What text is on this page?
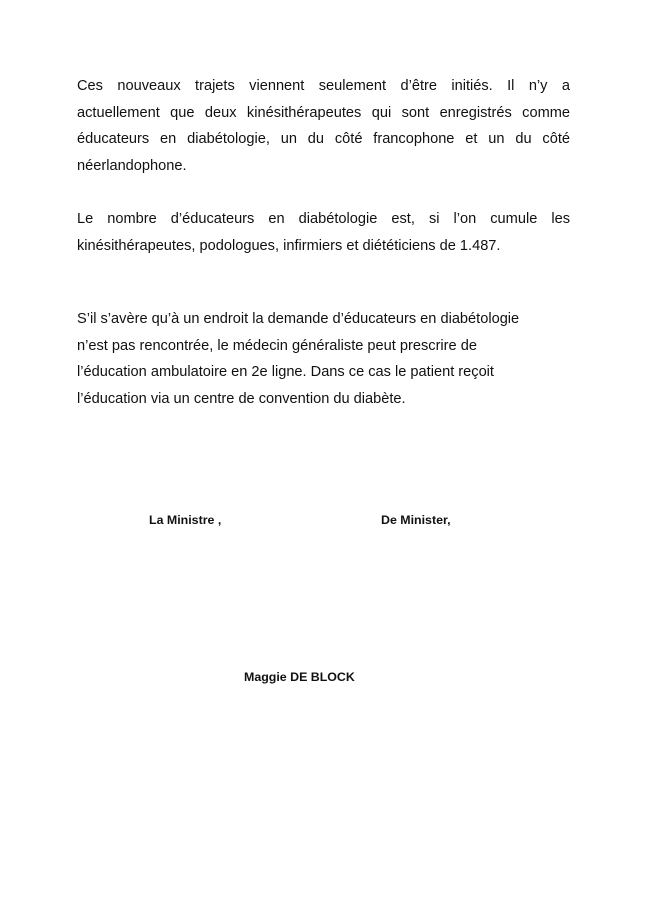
Ces nouveaux trajets viennent seulement d’être initiés. Il n’y a
actuellement que deux kinésithérapeutes qui sont enregistrés comme
éducateurs en diabétologie, un du côté francophone et un du côté
néerlandophone.
Le nombre d’éducateurs en diabétologie est, si l’on cumule les
kinésithérapeutes, podologues, infirmiers et diététiciens de 1.487.
S’il s’avère qu’à un endroit la demande d’éducateurs en diabétologie
n’est pas rencontrée, le médecin généraliste peut prescrire de
l’éducation ambulatoire en 2e ligne. Dans ce cas le patient reçoit
l’éducation via un centre de convention du diabète.
La Ministre ,	De Minister,
Maggie DE BLOCK
